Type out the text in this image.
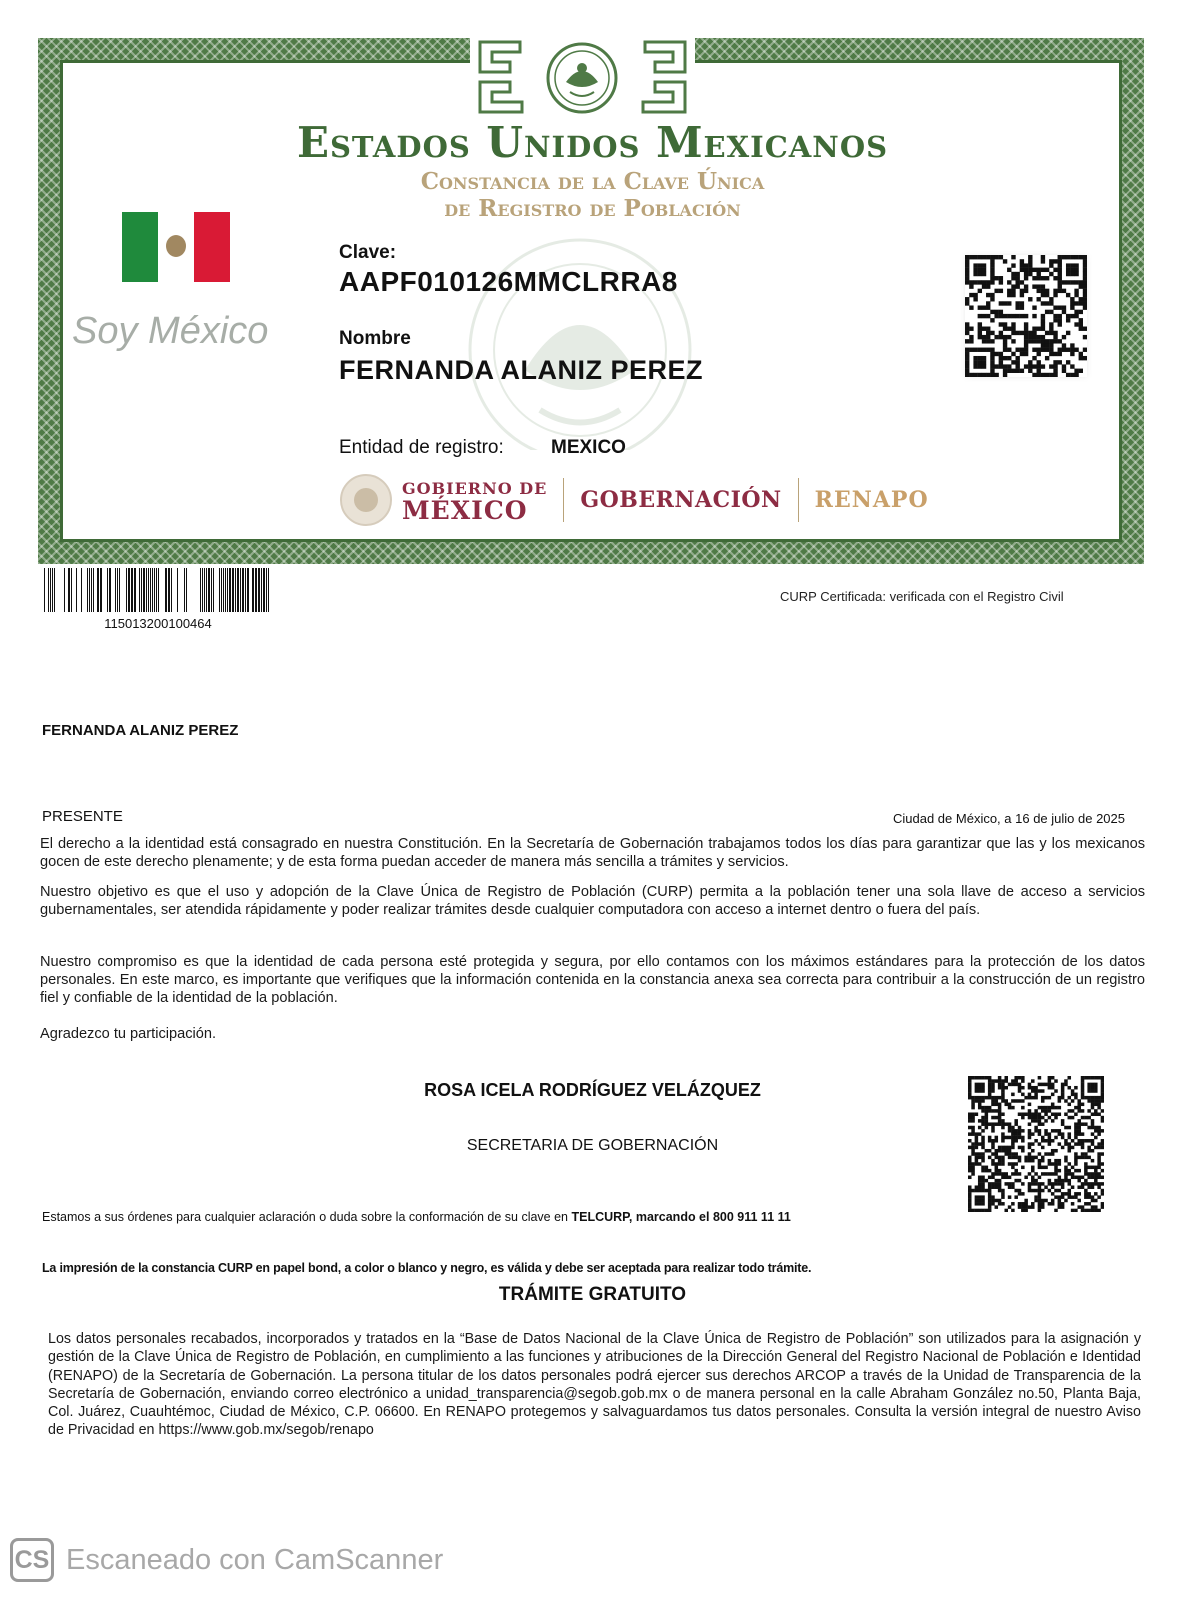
Estados Unidos Mexicanos
Constancia de la Clave Única
de Registro de Población
Soy México
Clave:
AAPF010126MMCLRRA8
Nombre
FERNANDA ALANIZ PEREZ
Entidad de registro: MEXICO
GOBIERNO DE
MÉXICO	GOBERNACIÓN RENAPO
115013200100464
CURP Certificada: verificada con el Registro Civil
FERNANDA ALANIZ PEREZ
PRESENTE	Ciudad de México, a 16 de julio de 2025

El derecho a la identidad está consagrado en nuestra Constitución. En la Secretaría de Gobernación trabajamos todos los días para garantizar que las y los mexicanos gocen de este derecho plenamente; y de esta forma puedan acceder de manera más sencilla a trámites y servicios.

Nuestro objetivo es que el uso y adopción de la Clave Única de Registro de Población (CURP) permita a la población tener una sola llave de acceso a servicios gubernamentales, ser atendida rápidamente y poder realizar trámites desde cualquier computadora con acceso a internet dentro o fuera del país.

Nuestro compromiso es que la identidad de cada persona esté protegida y segura, por ello contamos con los máximos estándares para la protección de los datos personales. En este marco, es importante que verifiques que la información contenida en la constancia anexa sea correcta para contribuir a la construcción de un registro fiel y confiable de la identidad de la población.

Agradezco tu participación.

ROSA ICELA RODRÍGUEZ VELÁZQUEZ
SECRETARIA DE GOBERNACIÓN
Estamos a sus órdenes para cualquier aclaración o duda sobre la conformación de su clave en TELCURP, marcando el 800 911 11 11
La impresión de la constancia CURP en papel bond, a color o blanco y negro, es válida y debe ser aceptada para realizar todo trámite.
TRÁMITE GRATUITO

Los datos personales recabados, incorporados y tratados en la “Base de Datos Nacional de la Clave Única de Registro de Población” son utilizados para la asignación y gestión de la Clave Única de Registro de Población, en cumplimiento a las funciones y atribuciones de la Dirección General del Registro Nacional de Población e Identidad (RENAPO) de la Secretaría de Gobernación. La persona titular de los datos personales podrá ejercer sus derechos ARCOP a través de la Unidad de Transparencia de la Secretaría de Gobernación, enviando correo electrónico a unidad_transparencia@segob.gob.mx o de manera personal en la calle Abraham González no.50, Planta Baja, Col. Juárez, Cuauhtémoc, Ciudad de México, C.P. 06600. En RENAPO protegemos y salvaguardamos tus datos personales. Consulta la versión integral de nuestro Aviso de Privacidad en https://www.gob.mx/segob/renapo

CS Escaneado con CamScanner
